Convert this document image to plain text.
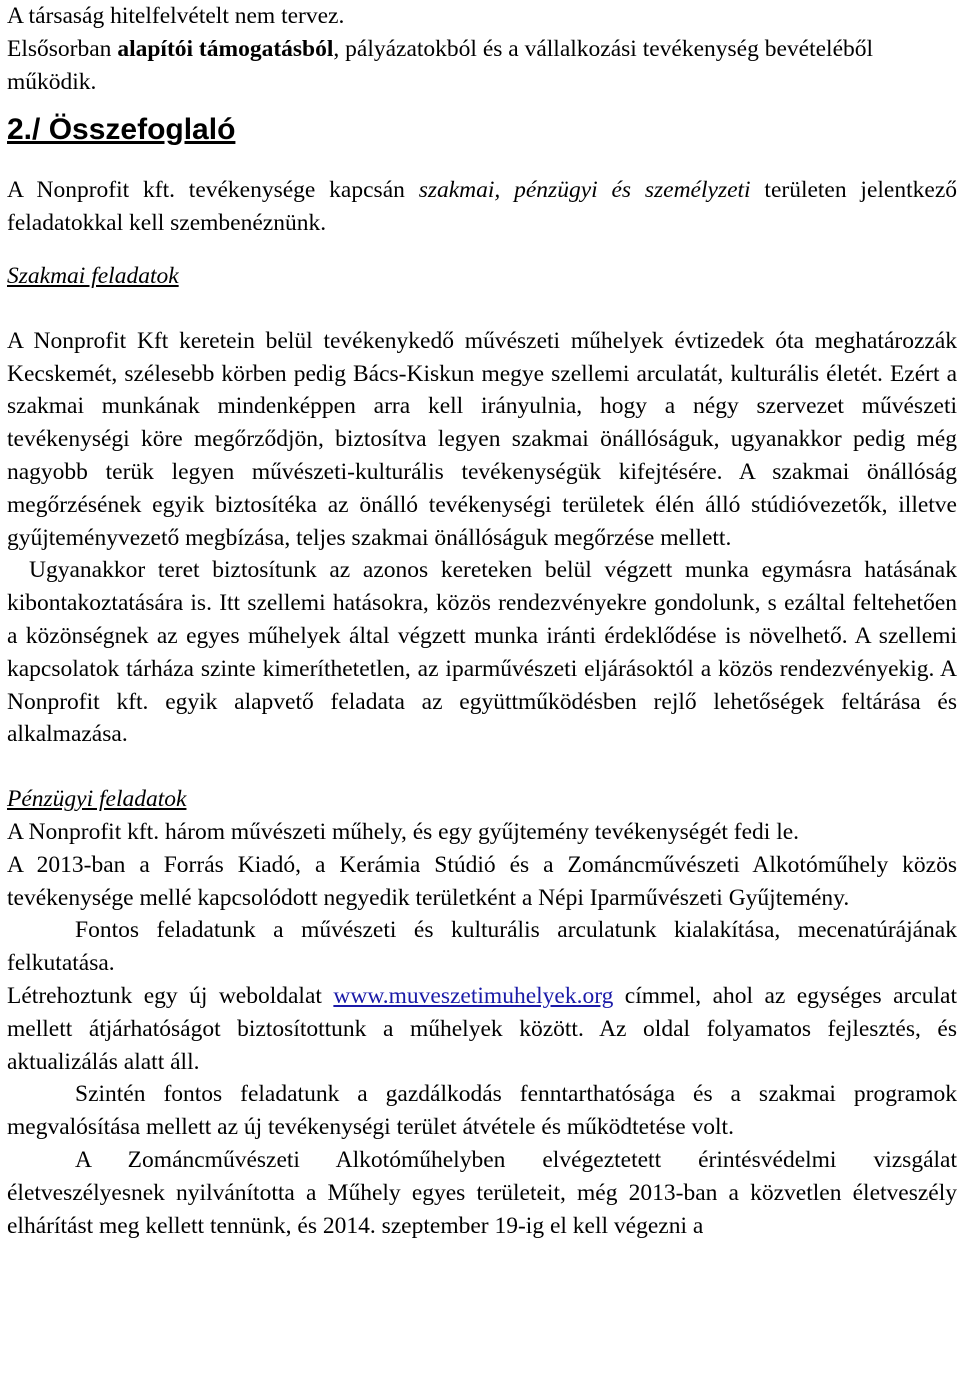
A társaság hitelfelvételt nem tervez.

Elsősorban alapítói támogatásból, pályázatokból és a vállalkozási tevékenység bevételéből működik.

2./ Összefoglaló

A Nonprofit kft. tevékenysége kapcsán szakmai, pénzügyi és személyzeti területen jelentkező feladatokkal kell szembenéznünk.

Szakmai feladatok

A Nonprofit Kft keretein belül tevékenykedő művészeti műhelyek évtizedek óta meghatározzák Kecskemét, szélesebb körben pedig Bács-Kiskun megye szellemi arculatát, kulturális életét. Ezért a szakmai munkának mindenképpen arra kell irányulnia, hogy a négy szervezet művészeti tevékenységi köre megőrződjön, biztosítva legyen szakmai önállóságuk, ugyanakkor pedig még nagyobb terük legyen művészeti-kulturális tevékenységük kifejtésére. A szakmai önállóság megőrzésének egyik biztosítéka az önálló tevékenységi területek élén álló stúdióvezetők, illetve gyűjteményvezető megbízása, teljes szakmai önállóságuk megőrzése mellett.

Ugyanakkor teret biztosítunk az azonos kereteken belül végzett munka egymásra hatásának kibontakoztatására is. Itt szellemi hatásokra, közös rendezvényekre gondolunk, s ezáltal feltehetően a közönségnek az egyes műhelyek által végzett munka iránti érdeklődése is növelhető. A szellemi kapcsolatok tárháza szinte kimeríthetetlen, az iparművészeti eljárásoktól a közös rendezvényekig. A Nonprofit kft. egyik alapvető feladata az együttműködésben rejlő lehetőségek feltárása és alkalmazása.

Pénzügyi feladatok

A Nonprofit kft. három művészeti műhely, és egy gyűjtemény tevékenységét fedi le.

A 2013-ban a Forrás Kiadó, a Kerámia Stúdió és a Zománcművészeti Alkotóműhely közös tevékenysége mellé kapcsolódott negyedik területként a Népi Iparművészeti Gyűjtemény.

Fontos feladatunk a művészeti és kulturális arculatunk kialakítása, mecenatúrájának felkutatása.

Létrehoztunk egy új weboldalat www.muveszetimuhelyek.org címmel, ahol az egységes arculat mellett átjárhatóságot biztosítottunk a műhelyek között. Az oldal folyamatos fejlesztés, és aktualizálás alatt áll.

Szintén fontos feladatunk a gazdálkodás fenntarthatósága és a szakmai programok megvalósítása mellett az új tevékenységi terület átvétele és működtetése volt.

A Zománcművészeti Alkotóműhelyben elvégeztetett érintésvédelmi vizsgálat életveszélyesnek nyilvánította a Műhely egyes területeit, még 2013-ban a közvetlen életveszély elhárítást meg kellett tennünk, és 2014. szeptember 19-ig el kell végezni a
